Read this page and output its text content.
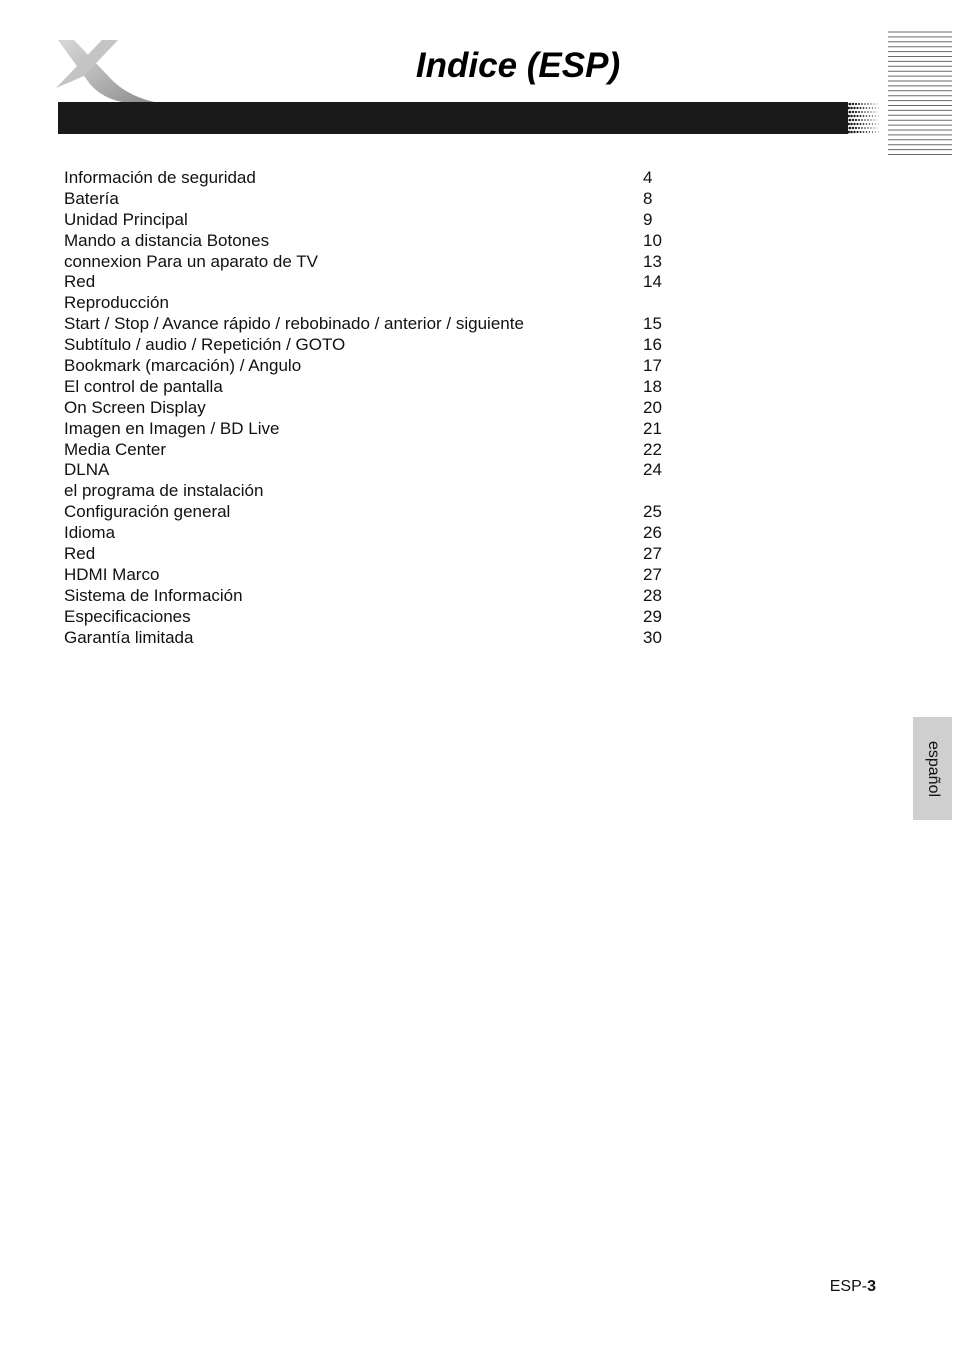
Indice (ESP)
Información de seguridad	4
Batería	8
Unidad Principal	9
Mando a distancia Botones	10
connexion Para un aparato de TV	13
Red	14
Reproducción
Start / Stop / Avance rápido / rebobinado / anterior / siguiente	15
Subtítulo / audio / Repetición / GOTO	16
Bookmark (marcación) / Angulo	17
El control de pantalla	18
On Screen Display	20
Imagen en Imagen / BD Live	21
Media Center	22
DLNA	24
el programa de instalación
Configuración general	25
Idioma	26
Red	27
HDMI Marco	27
Sistema de Información	28
Especificaciones	29
Garantía limitada	30
español
ESP-3
